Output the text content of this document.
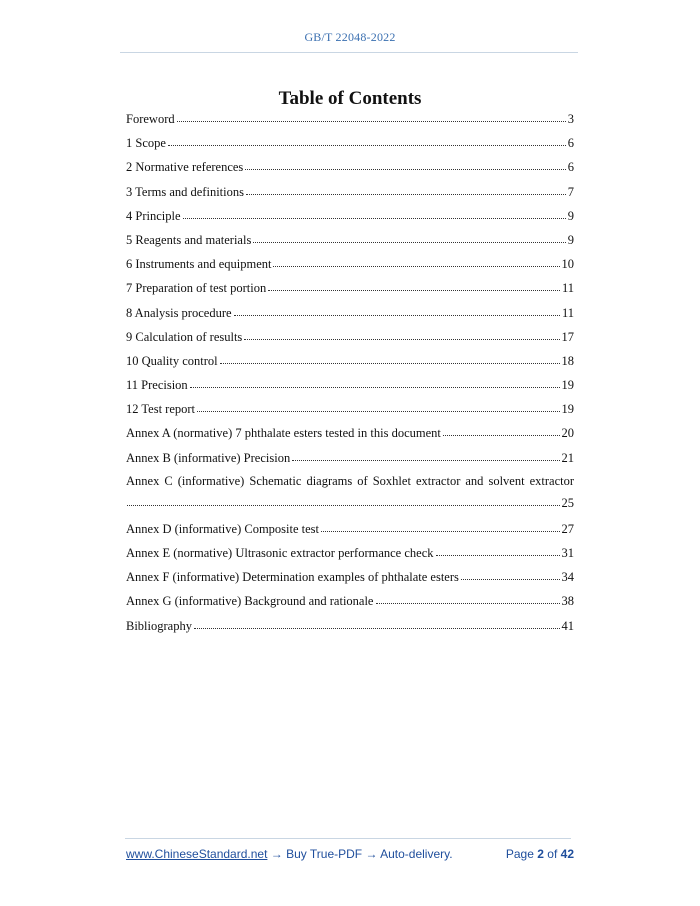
GB/T 22048-2022
Table of Contents
Foreword	3
1 Scope	6
2 Normative references	6
3 Terms and definitions	7
4 Principle	9
5 Reagents and materials	9
6 Instruments and equipment	10
7 Preparation of test portion	11
8 Analysis procedure	11
9 Calculation of results	17
10 Quality control	18
11 Precision	19
12 Test report	19
Annex A (normative) 7 phthalate esters tested in this document	20
Annex B (informative) Precision	21
Annex C (informative) Schematic diagrams of Soxhlet extractor and solvent extractor
25
Annex D (informative) Composite test	27
Annex E (normative) Ultrasonic extractor performance check	31
Annex F (informative) Determination examples of phthalate esters	34
Annex G (informative) Background and rationale	38
Bibliography	41
www.ChineseStandard.net → Buy True-PDF → Auto-delivery.	Page 2 of 42
